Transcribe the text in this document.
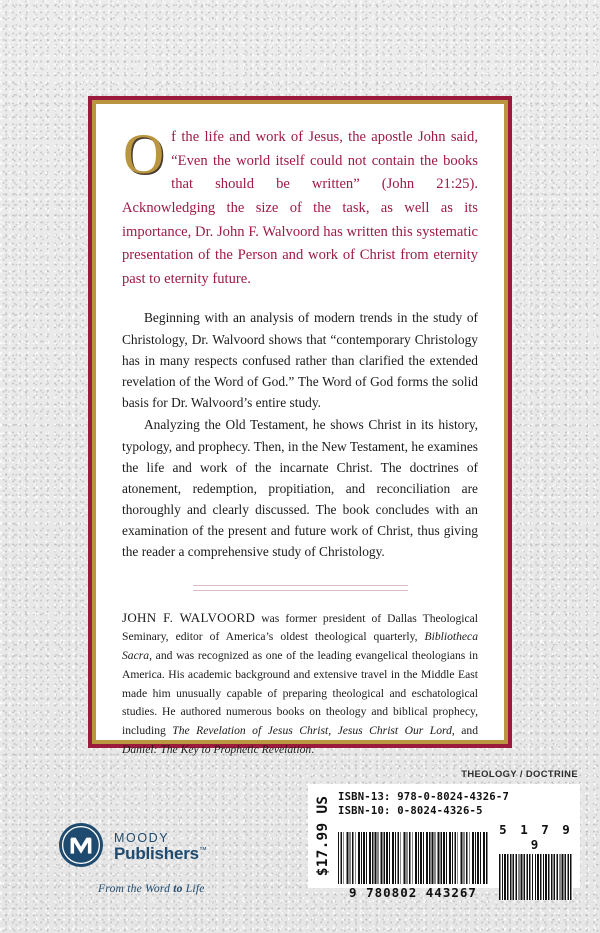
Of the life and work of Jesus, the apostle John said, “Even the world itself could not contain the books that should be written” (John 21:25). Acknowledging the size of the task, as well as its importance, Dr. John F. Walvoord has written this systematic presentation of the Person and work of Christ from eternity past to eternity future.

Beginning with an analysis of modern trends in the study of Christology, Dr. Walvoord shows that “contemporary Christology has in many respects confused rather than clarified the extended revelation of the Word of God.” The Word of God forms the solid basis for Dr. Walvoord’s entire study.

Analyzing the Old Testament, he shows Christ in its history, typology, and prophecy. Then, in the New Testament, he examines the life and work of the incarnate Christ. The doctrines of atonement, redemption, propitiation, and reconciliation are thoroughly and clearly discussed. The book concludes with an examination of the present and future work of Christ, thus giving the reader a comprehensive study of Christology.

JOHN F. WALVOORD was former president of Dallas Theological Seminary, editor of America’s oldest theological quarterly, Bibliotheca Sacra, and was recognized as one of the leading evangelical theologians in America. His academic background and extensive travel in the Middle East made him unusually capable of preparing theological and eschatological studies. He authored numerous books on theology and biblical prophecy, including The Revelation of Jesus Christ, Jesus Christ Our Lord, and Daniel: The Key to Prophetic Revelation.

THEOLOGY / DOCTRINE
$17.99 US ISBN-13: 978-0-8024-4326-7
ISBN-10: 0-8024-4326-5
9 780802 443267
5 1 7 9 9
MOODY
Publishers™
From the Word to Life
